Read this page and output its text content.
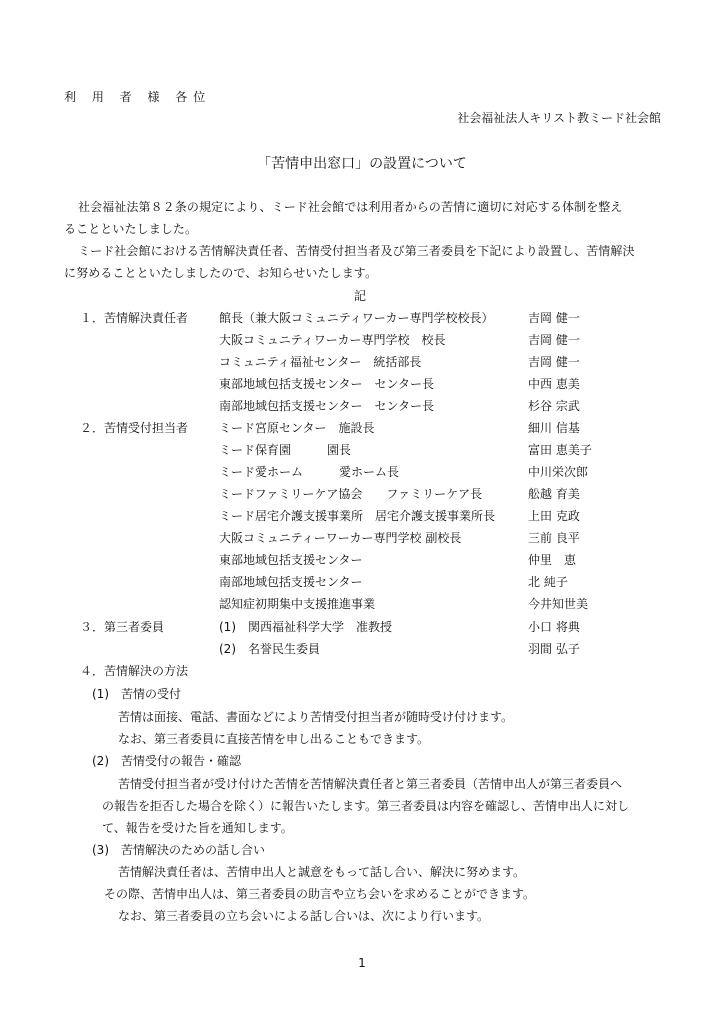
利 用 者 様 各位
社会福祉法人キリスト教ミード社会館
「苦情申出窓口」の設置について
社会福祉法第８２条の規定により、ミード社会館では利用者からの苦情に適切に対応する体制を整え
ることといたしました。
ミード社会館における苦情解決責任者、苦情受付担当者及び第三者委員を下記により設置し、苦情解決
に努めることといたしましたので、お知らせいたします。
記
１．苦情解決責任者	館長（兼大阪コミュニティワーカー専門学校校長）	吉岡 健一
大阪コミュニティワーカー専門学校　校長	吉岡 健一
コミュニティ福祉センター　統括部長	吉岡 健一
東部地域包括支援センター　センター長	中西 恵美
南部地域包括支援センター　センター長	杉谷 宗武
２．苦情受付担当者	ミード宮原センター　施設長	細川 信基
ミード保育園　　　園長	富田 恵美子
ミード愛ホーム　　　愛ホーム長	中川栄次郎
ミードファミリーケア協会　　ファミリーケア長	舩越 育美
ミード居宅介護支援事業所　居宅介護支援事業所長	上田 克政
大阪コミュニティーワーカー専門学校 副校長	三前 良平
東部地域包括支援センター	仲里　恵
南部地域包括支援センター	北 純子
認知症初期集中支援推進事業	今井知世美
３．第三者委員	(1)　関西福祉科学大学　准教授	小口 将典
(2)　名誉民生委員	羽間 弘子
４．苦情解決の方法
(1)　苦情の受付
苦情は面接、電話、書面などにより苦情受付担当者が随時受け付けます。
なお、第三者委員に直接苦情を申し出ることもできます。
(2)　苦情受付の報告・確認
苦情受付担当者が受け付けた苦情を苦情解決責任者と第三者委員（苦情申出人が第三者委員へ
の報告を拒否した場合を除く）に報告いたします。第三者委員は内容を確認し、苦情申出人に対し
て、報告を受けた旨を通知します。
(3)　苦情解決のための話し合い
苦情解決責任者は、苦情申出人と誠意をもって話し合い、解決に努めます。
その際、苦情申出人は、第三者委員の助言や立ち会いを求めることができます。
なお、第三者委員の立ち会いによる話し合いは、次により行います。
1
